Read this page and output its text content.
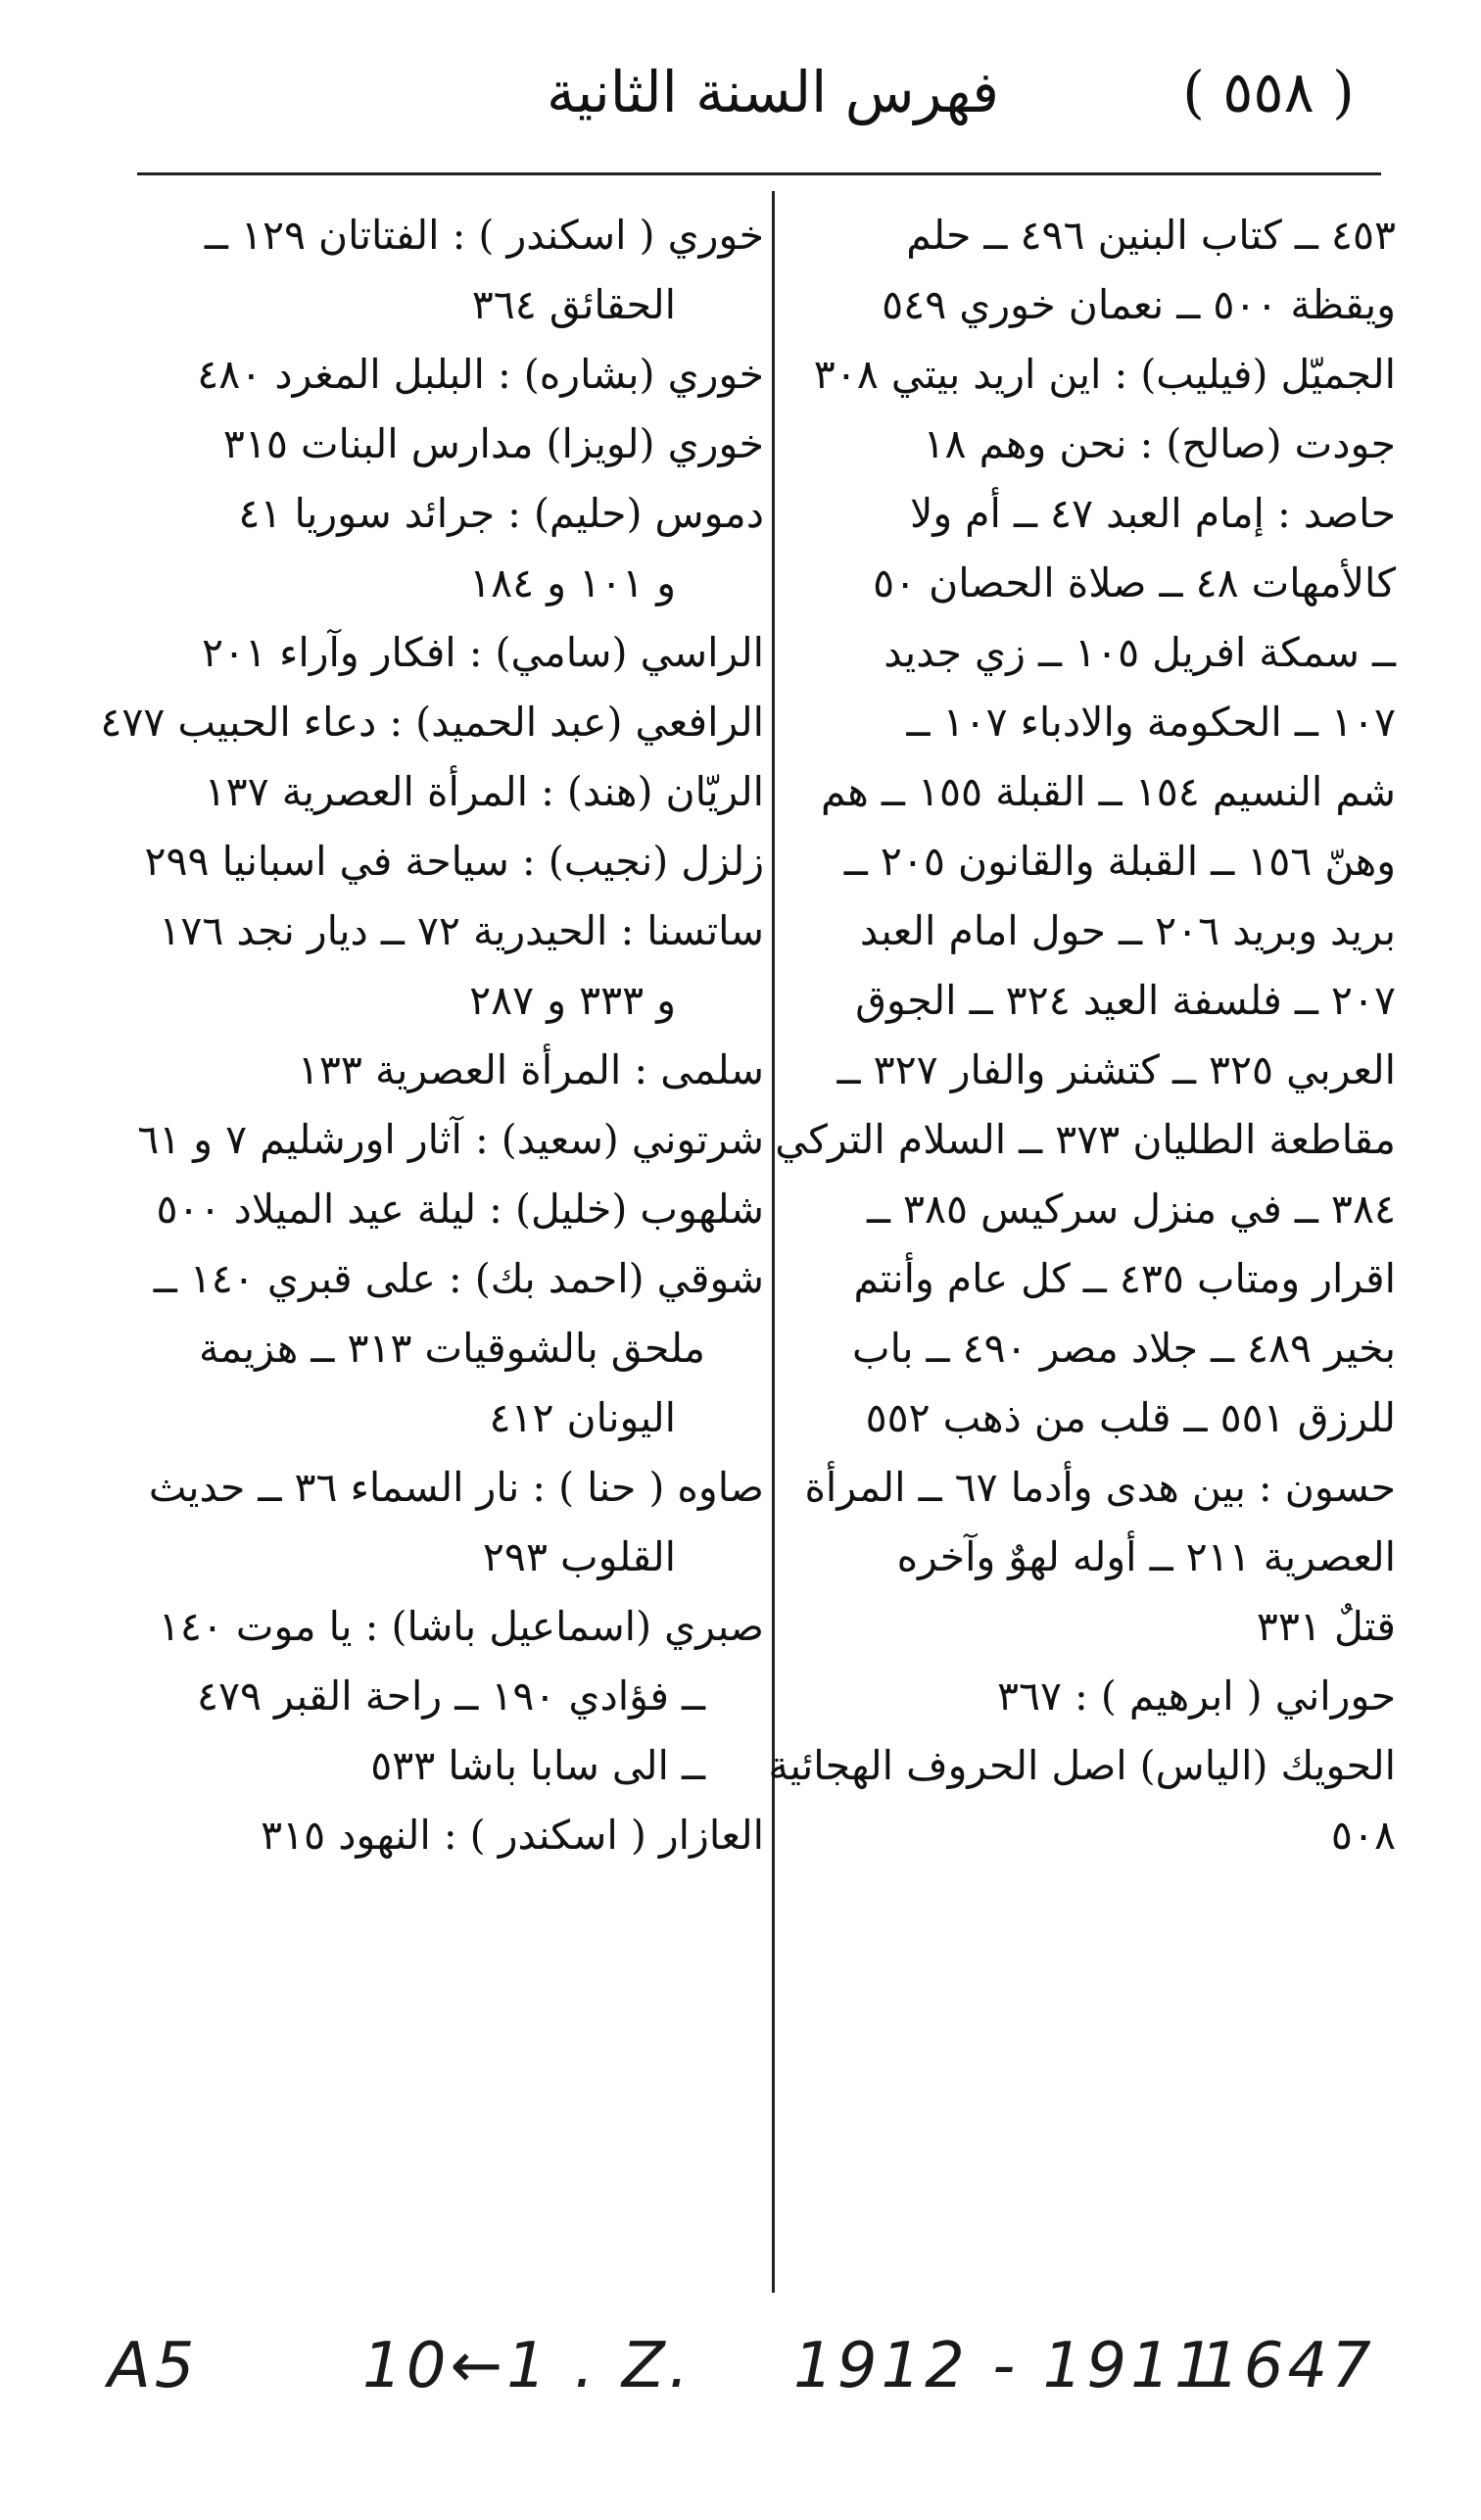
فهرس السنة الثانية	( ٥٥٨ )
٤٥٣ ــ كتاب البنين ٤٩٦ ــ حلم
ويقظة ٥٠٠ ــ نعمان خوري ٥٤٩
الجميّل (فيليب) : اين اريد بيتي ٣٠٨
جودت (صالح) : نحن وهم ١٨
حاصد : إمام العبد ٤٧ ــ أم ولا
كالأمهات ٤٨ ــ صلاة الحصان ٥٠
ــ سمكة افريل ١٠٥ ــ زي جديد
١٠٧ ــ الحكومة والادباء ١٠٧ ــ
شم النسيم ١٥٤ ــ القبلة ١٥٥ ــ هم
وهنّ ١٥٦ ــ القبلة والقانون ٢٠٥ ــ
بريد وبريد ٢٠٦ ــ حول امام العبد
٢٠٧ ــ فلسفة العيد ٣٢٤ ــ الجوق
العربي ٣٢٥ ــ كتشنر والفار ٣٢٧ ــ
مقاطعة الطليان ٣٧٣ ــ السلام التركي
٣٨٤ ــ في منزل سركيس ٣٨٥ ــ
اقرار ومتاب ٤٣٥ ــ كل عام وأنتم
بخير ٤٨٩ ــ جلاد مصر ٤٩٠ ــ باب
للرزق ٥٥١ ــ قلب من ذهب ٥٥٢
حسون : بين هدى وأدما ٦٧ ــ المرأة
العصرية ٢١١ ــ أوله لهوٌ وآخره
قتلٌ ٣٣١
حوراني ( ابرهيم ) : ٣٦٧
الحويك (الياس) اصل الحروف الهجائية
٥٠٨
خوري ( اسكندر ) : الفتاتان ١٢٩ ــ
الحقائق ٣٦٤
خوري (بشاره) : البلبل المغرد ٤٨٠
خوري (لويزا) مدارس البنات ٣١٥
دموس (حليم) : جرائد سوريا ٤١
و ١٠١ و ١٨٤
الراسي (سامي) : افكار وآراء ٢٠١
الرافعي (عبد الحميد) : دعاء الحبيب ٤٧٧
الريّان (هند) : المرأة العصرية ١٣٧
زلزل (نجيب) : سياحة في اسبانيا ٢٩٩
ساتسنا : الحيدرية ٧٢ ــ ديار نجد ١٧٦
و ٣٣٣ و ٢٨٧
سلمى : المرأة العصرية ١٣٣
شرتوني (سعيد) : آثار اورشليم ٧ و ٦١
شلهوب (خليل) : ليلة عيد الميلاد ٥٠٠
شوقي (احمد بك) : على قبري ١٤٠ ــ
ملحق بالشوقيات ٣١٣ ــ هزيمة
اليونان ٤١٢
صاوه ( حنا ) : نار السماء ٣٦ ــ حديث
القلوب ٢٩٣
صبري (اسماعيل باشا) : يا موت ١٤٠
ــ فؤادي ١٩٠ ــ راحة القبر ٤٧٩
ــ الى سابا باشا ٥٣٣
العازار ( اسكندر ) : النهود ٣١٥
A5	10←1 . Z. 1912 - 1911
1647
